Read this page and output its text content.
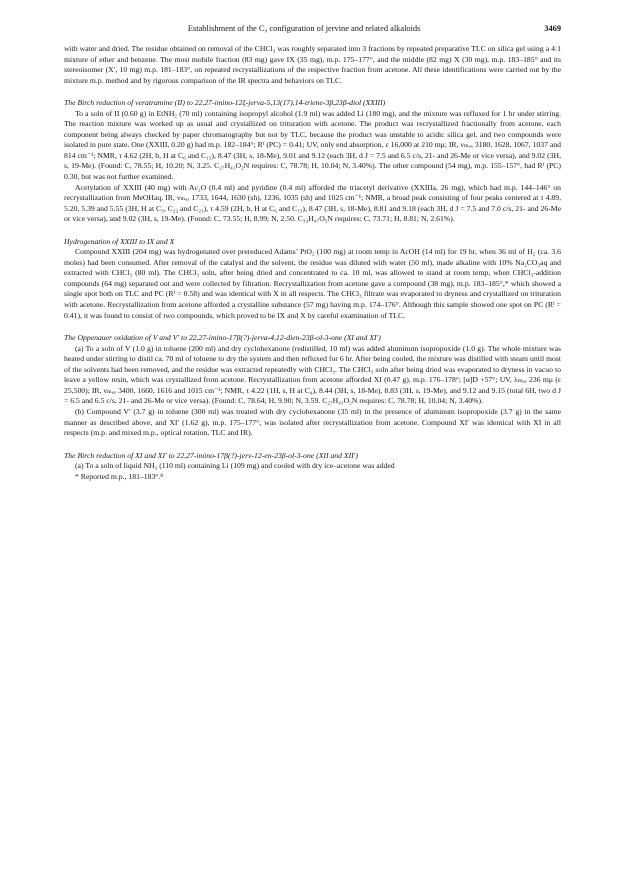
Establishment of the C₉ configuration of jervine and related alkaloids	3469

with water and dried. The residue obtained on removal of the CHCl₃ was roughly separated into 3 fractions by repeated preparative TLC on silica gel using a 4:1 mixture of ether and benzene. The most mobile fraction (83 mg) gave IX (35 mg), m.p. 175–177°, and the middle (82 mg) X (30 mg), m.p. 183–185° and its stereoisomer (X′, 10 mg) m.p. 181–183°, on repeated recrystallizations of the respective fraction from acetone. All these identifications were carried out by the mixture m.p. method and by rigorous comparison of the IR spectra and behaviors on TLC.

The Birch reduction of veratramine (II) to 22,27-imino-12ξ-jerva-5,13(17),14-triene-3β,23β-diol (XXIII)

To a soln of II (0.60 g) in EtNH₂ (70 ml) containing isopropyl alcohol (1.9 ml) was added Li (180 mg), and the mixture was refluxed for 1 hr under stirring. The reaction mixture was worked up as usual and crystallized on trituration with acetone. The product was recrystallized fractionally from acetone, each component being always checked by paper chromatography but not by TLC, because the product was unstable to acidic silica gel, and two compounds were isolated in pure state. One (XXIII, 0.20 g) had m.p. 182–184°; Rᶠ (PC) = 0.41; UV, only end absorption, ε 16,000 at 210 mμ; IR, νₘₐₓ 3180, 1628, 1067, 1037 and 814 cm⁻¹; NMR, τ 4.62 (2H, b, H at C₆ and C₁₅), 8.47 (3H, s, 18-Me), 9.01 and 9.12 (each 3H, d J = 7.5 and 6.5 c/s, 21- and 26-Me or vice versa), and 9.02 (3H, s, 19-Me). (Found: C, 78.55; H, 10.20; N, 3.25. C₂₇H₄₁O₂N requires: C, 78.78; H, 10.04; N, 3.40%). The other compound (54 mg), m.p. 155–157°, had Rᶠ (PC) 0.30, but was not further examined.

Acetylation of XXIII (40 mg) with Ac₂O (0.4 ml) and pyridine (0.4 ml) afforded the triacetyl derivative (XXIIIa, 26 mg), which had m.p. 144–146° on recrystallization from MeOHaq, IR, νₘₐₓ 1733, 1644, 1630 (sh), 1236, 1035 (sh) and 1025 cm⁻¹; NMR, a broad peak consisting of four peaks centered at τ 4.89, 5.20, 5.39 and 5.55 (3H, H at C₃, C₂₂ and C₂₃), τ 4.59 (2H, b, H at C₆ and C₁₅), 8.47 (3H, s, 18-Me), 8.81 and 9.18 (each 3H, d J = 7.5 and 7.0 c/s, 21- and 26-Me or vice versa), and 9.02 (3H, s, 19-Me). (Found: C, 73.55; H, 8.99; N, 2.50. C₃₃H₄₇O₅N requires: C, 73.71; H, 8.81; N, 2.61%).

Hydrogenation of XXIII to IX and X

Compound XXIII (204 mg) was hydrogenated over prereduced Adams’ PtO₂ (100 mg) at room temp in AcOH (14 ml) for 19 hr, when 36 ml of H₂ (ca. 3.6 moles) had been consumed. After removal of the catalyst and the solvent, the residue was diluted with water (50 ml), made alkaline with 10% Na₂CO₃aq and extracted with CHCl₃ (80 ml). The CHCl₃ soln, after being dried and concentrated to ca. 10 ml, was allowed to stand at room temp, when CHCl₃-addition compounds (64 mg) separated out and were collected by filtration. Recrystallization from acetone gave a compound (38 mg), m.p. 183–185°,* which showed a single spot both on TLC and PC (Rᶠ = 0.58) and was identical with X in all respects. The CHCl₃ filtrate was evaporated to dryness and crystallized on trituration with acetone. Recrystallization from acetone afforded a crystalline substance (57 mg) having m.p. 174–176°. Although this sample showed one spot on PC (Rᶠ = 0.41), it was found to consist of two compounds, which proved to be IX and X by careful examination of TLC.

The Oppenauer oxidation of V and V′ to 22,27-imino-17β(?)-jerva-4,12-dien-23β-ol-3-one (XI and XI′)

(a) To a soln of V (1.0 g) in toluene (200 ml) and dry cyclohexanone (redistilled, 10 ml) was added aluminum isopropoxide (1.0 g). The whole mixture was heated under stirring to distil ca. 70 ml of toluene to dry the system and then refluxed for 6 hr. After being cooled, the mixture was distilled with steam until most of the solvents had been removed, and the residue was extracted repeatedly with CHCl₃. The CHCl₃ soln after being dried was evaporated to dryness in vacuo to leave a yellow resin, which was crystallized from acetone. Recrystallization from acetone afforded XI (0.47 g), m.p. 176–178°; [α]D +57°; UV, λₘₐₓ 236 mμ (ε 25,500); IR, νₘₐₓ 3400, 1660, 1616 and 1015 cm⁻¹; NMR, τ 4.22 (1H, s, H at C₄), 8.44 (3H, s, 18-Me), 8.83 (3H, s, 19-Me), and 9.12 and 9.15 (total 6H, two d J = 6.5 and 6.5 c/s, 21- and 26-Me or vice versa). (Found: C, 78.64; H, 9.90; N, 3.59. C₂₇H₄₁O₂N requires: C, 78.78; H, 10.04; N, 3.40%).

(b) Compound V′ (3.7 g) in toluene (300 ml) was treated with dry cyclohexanone (35 ml) in the presence of aluminum isopropoxide (3.7 g) in the same manner as described above, and XI′ (1.62 g), m.p. 175–177°, was isolated after recrystallization from acetone. Compound XI′ was identical with XI in all respects (m.p. and mixed m.p., optical rotation, TLC and IR).

The Birch reduction of XI and XI′ to 22,27-imino-17β(?)-jerv-12-en-23β-ol-3-one (XII and XII′)

(a) To a soln of liquid NH₃ (110 ml) containing Li (109 mg) and cooled with dry ice–acetone was added

* Reported m.p., 181–183°.⁸
